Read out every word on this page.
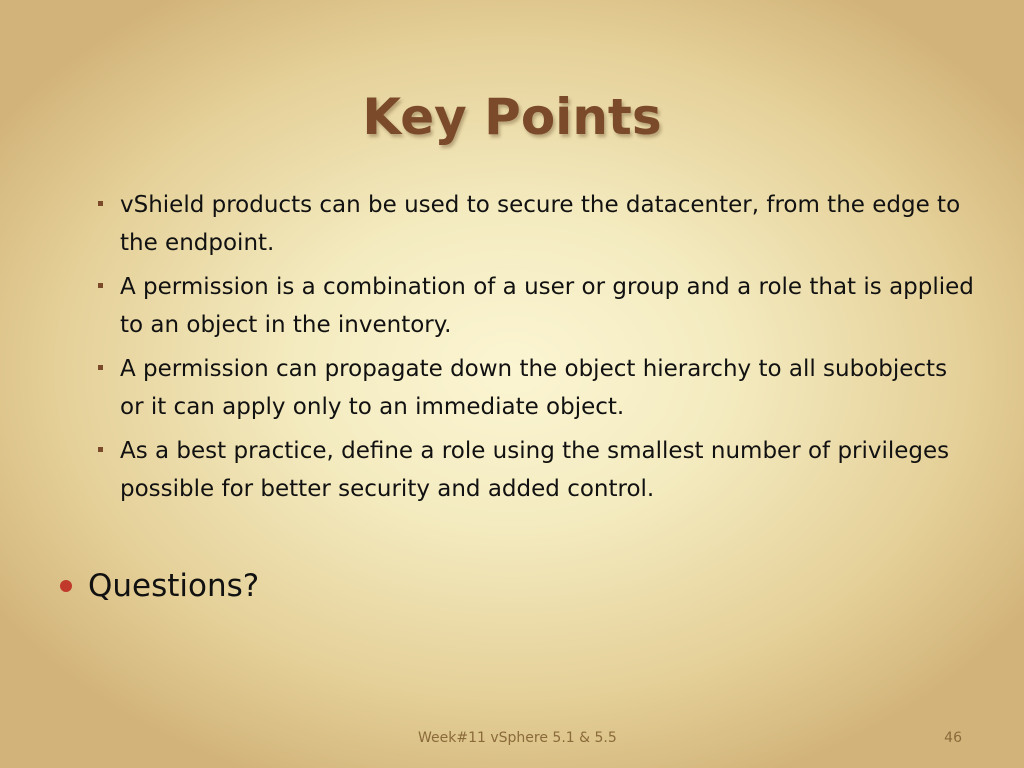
Key Points
vShield products can be used to secure the datacenter, from the edge to the endpoint.
A permission is a combination of a user or group and a role that is applied to an object in the inventory.
A permission can propagate down the object hierarchy to all subobjects or it can apply only to an immediate object.
As a best practice, define a role using the smallest number of privileges possible for better security and added control.
Questions?
Week#11 vSphere 5.1 & 5.5	46
